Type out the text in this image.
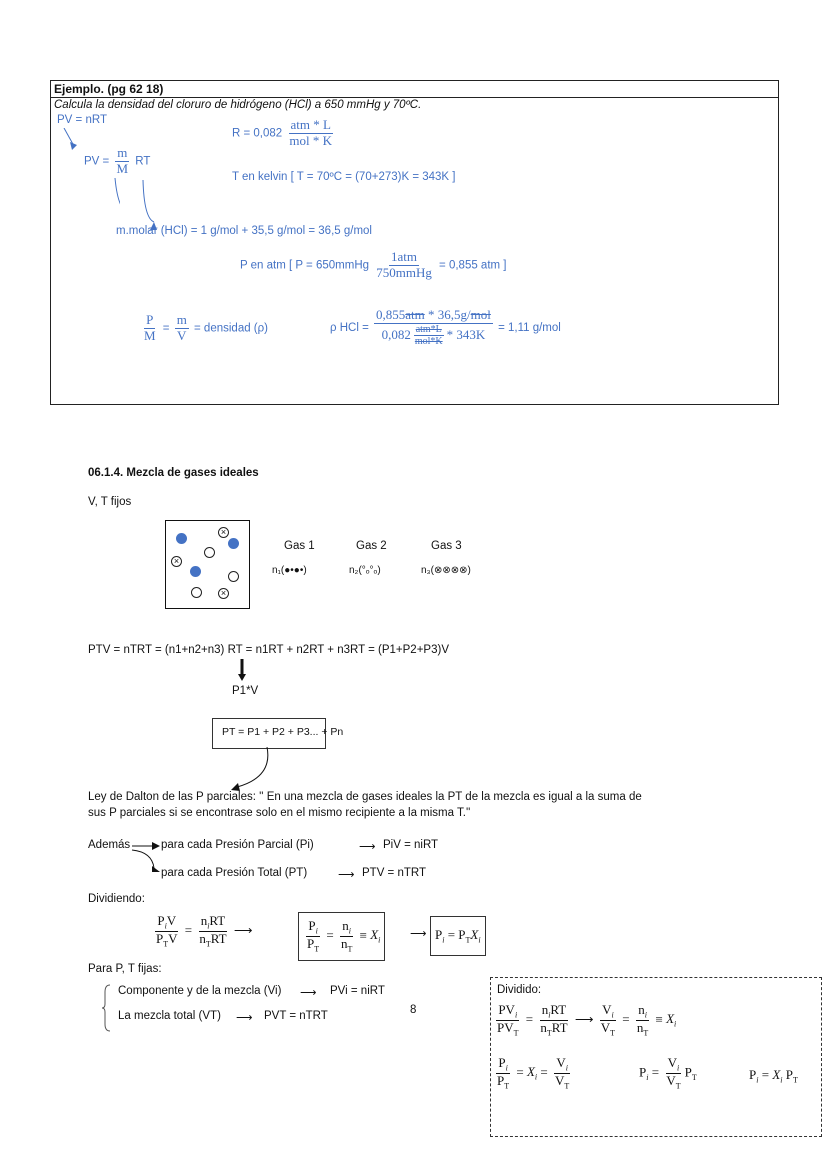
Ejemplo. (pg 62 18)
Calcula la densidad del cloruro de hidrógeno (HCl) a 650 mmHg y 70ºC.
PV = nRT
$R = 0,082 \frac{\text{atm * L}}{\text{mol * K}}$
PV = $\frac{m}{M}$ RT
T en kelvin [ T = 70ºC = (70+273)K = 343K ]
m.molar (HCl) = 1 g/mol + 35,5 g/mol = 36,5 g/mol
P en atm [ P = 650mmHg $\frac{\text{1atm}}{\text{750mmHg}} = 0,855$ atm ]
$\frac{P}{M} = \frac{m}{V}$ = densidad (ρ)	ρ HCl = $\frac{\text{0,855atm * 36,5g/mol}}{0,082 \frac{\text{atm*L}}{\text{mol*K}} * 343K} = 1,11$ g/mol
06.1.4. Mezcla de gases ideales
V, T fijos
×
×
×
Gas 1	Gas 2	Gas 3
n₁(●•●•)	n₂(°ₒ°ₒ)	n₃(⊗⊗⊗⊗)
PTV = nTRT = (n1+n2+n3) RT = n1RT + n2RT + n3RT = (P1+P2+P3)V
P1*V
PT = P1 + P2 + P3... + Pn
Ley de Dalton de las P parciales: '' En una mezcla de gases ideales la PT de la mezcla es igual a la suma de
sus P parciales si se encontrase solo en el mismo recipiente a la misma T.''
Además	para cada Presión Parcial (Pi)	⟶ PiV = niRT
para cada Presión Total (PT)	⟶ PTV = nTRT
Dividiendo:
$\frac{P_iV}{P_TV} = \frac{n_iRT}{n_TRT}$ ⟶	$\frac{P_i}{P_T} = \frac{n_i}{n_T} \equiv X_i$
⟶ $P_i = P_TX_i$
Para P, T fijas:
Componente y de la mezcla (Vi) ⟶ PVi = niRT
La mezcla total (VT) ⟶ PVT = nTRT	8
Dividido:
$\frac{PV_i}{PV_T} = \frac{n_iRT}{n_TRT}$ ⟶ $\frac{V_i}{V_T} = \frac{n_i}{n_T} \equiv X_i$
$\frac{P_i}{P_T} = X_i = \frac{V_i}{V_T}$	$P_i = \frac{V_i}{V_T} P_T$	$P_i = X_i$ $P_T$
